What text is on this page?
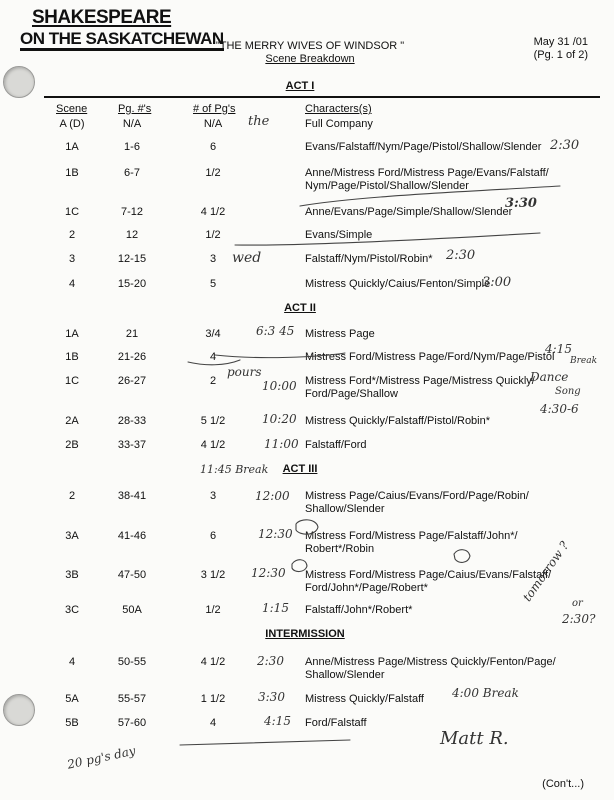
SHAKESPEARE
ON THE SASKATCHEWAN
"THE MERRY WIVES OF WINDSOR "
Scene Breakdown
May 31 /01
(Pg. 1 of 2)
ACT I
Scene	Pg. #'s	# of Pg's	Characters(s)
ACT II
ACT III
INTERMISSION
A (D)	N/A	N/A	Full Company
1A	1-6	6	Evans/Falstaff/Nym/Page/Pistol/Shallow/Slender
1B	6-7	1/2	Anne/Mistress Ford/Mistress Page/Evans/Falstaff/
Nym/Page/Pistol/Shallow/Slender
1C	7-12	4 1/2	Anne/Evans/Page/Simple/Shallow/Slender
2	12	1/2	Evans/Simple
3	12-15	3	Falstaff/Nym/Pistol/Robin*
4	15-20	5	Mistress Quickly/Caius/Fenton/Simple
1A	21	3/4	Mistress Page
1B	21-26	4	Mistress Ford/Mistress Page/Ford/Nym/Page/Pistol
1C	26-27	2	Mistress Ford*/Mistress Page/Mistress Quickly/
Ford/Page/Shallow
2A	28-33	5 1/2	Mistress Quickly/Falstaff/Pistol/Robin*
2B	33-37	4 1/2	Falstaff/Ford
2	38-41	3	Mistress Page/Caius/Evans/Ford/Page/Robin/
Shallow/Slender
3A	41-46	6	Mistress Ford/Mistress Page/Falstaff/John*/
Robert*/Robin
3B	47-50	3 1/2	Mistress Ford/Mistress Page/Caius/Evans/Falstaff/
Ford/John*/Page/Robert*
3C	50A	1/2	Falstaff/John*/Robert*
4	50-55	4 1/2	Anne/Mistress Page/Mistress Quickly/Fenton/Page/
Shallow/Slender
5A	55-57	1 1/2	Mistress Quickly/Falstaff
5B	57-60	4	Ford/Falstaff
the
2:30
3:30
wed	2:30
3:00
6:3 45
4:15
Break
pours
10:00
Dance
Song
4:30-6
10:20
11:00
11:45 Break
12:00
12:30
12:30
1:15
tomorrow ? or
2:30?
2:30
3:30	4:00 Break
4:15
Matt R.
20 pg's day
(Con't...)
